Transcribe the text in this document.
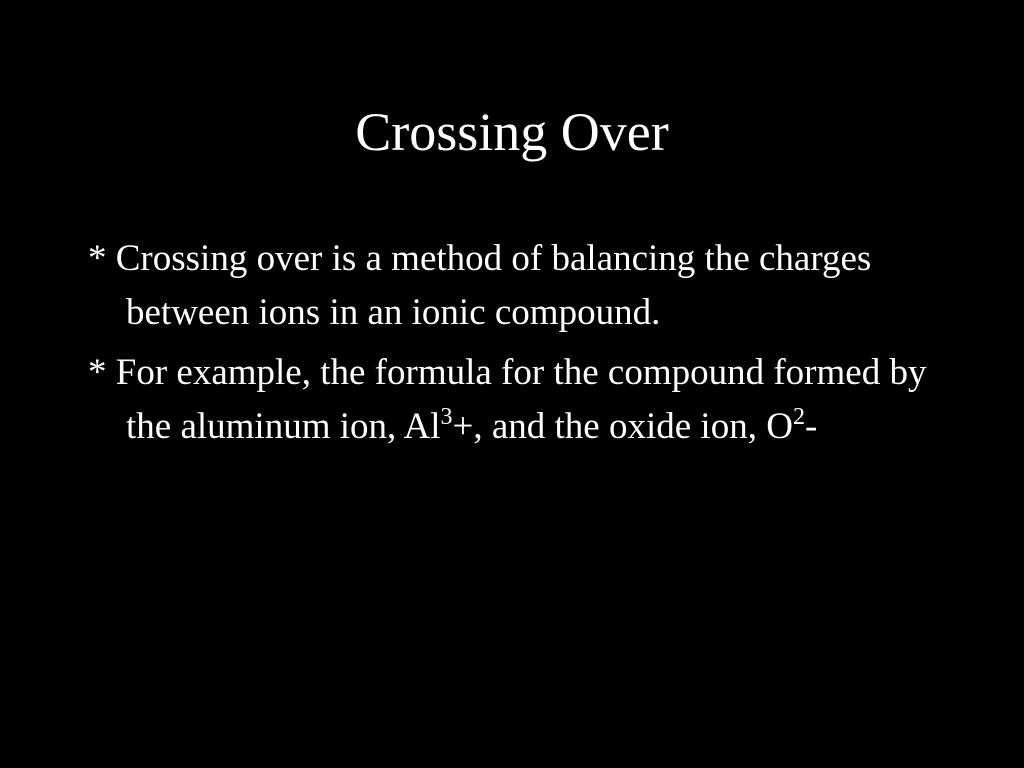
Crossing Over

* Crossing over is a method of balancing the charges between ions in an ionic compound.

* For example, the formula for the compound formed by the aluminum ion, $Al^3+$, and the oxide ion, $O^2-$
